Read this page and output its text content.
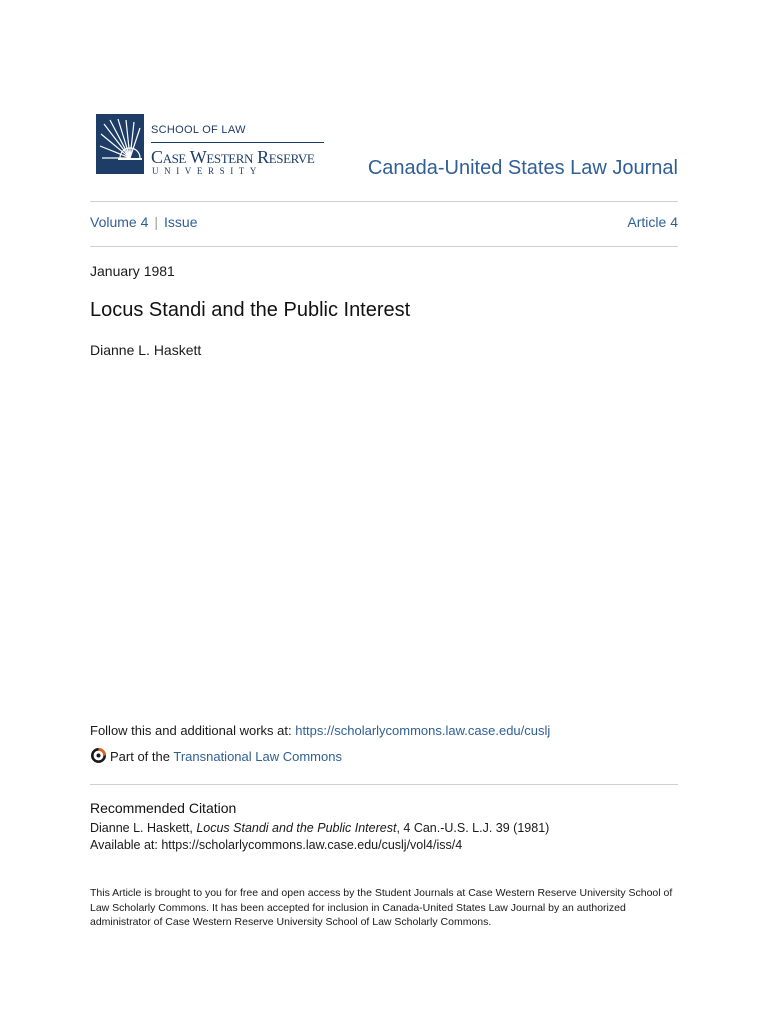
SCHOOL OF LAW
Case Western Reserve
UNIVERSITY	Canada-United States Law Journal
Volume 4 | Issue	Article 4
January 1981
Locus Standi and the Public Interest
Dianne L. Haskett
Follow this and additional works at: https://scholarlycommons.law.case.edu/cuslj
Part of the Transnational Law Commons
Recommended Citation
Dianne L. Haskett, Locus Standi and the Public Interest, 4 Can.-U.S. L.J. 39 (1981)
Available at: https://scholarlycommons.law.case.edu/cuslj/vol4/iss/4
This Article is brought to you for free and open access by the Student Journals at Case Western Reserve University School of Law Scholarly Commons. It has been accepted for inclusion in Canada-United States Law Journal by an authorized administrator of Case Western Reserve University School of Law Scholarly Commons.
